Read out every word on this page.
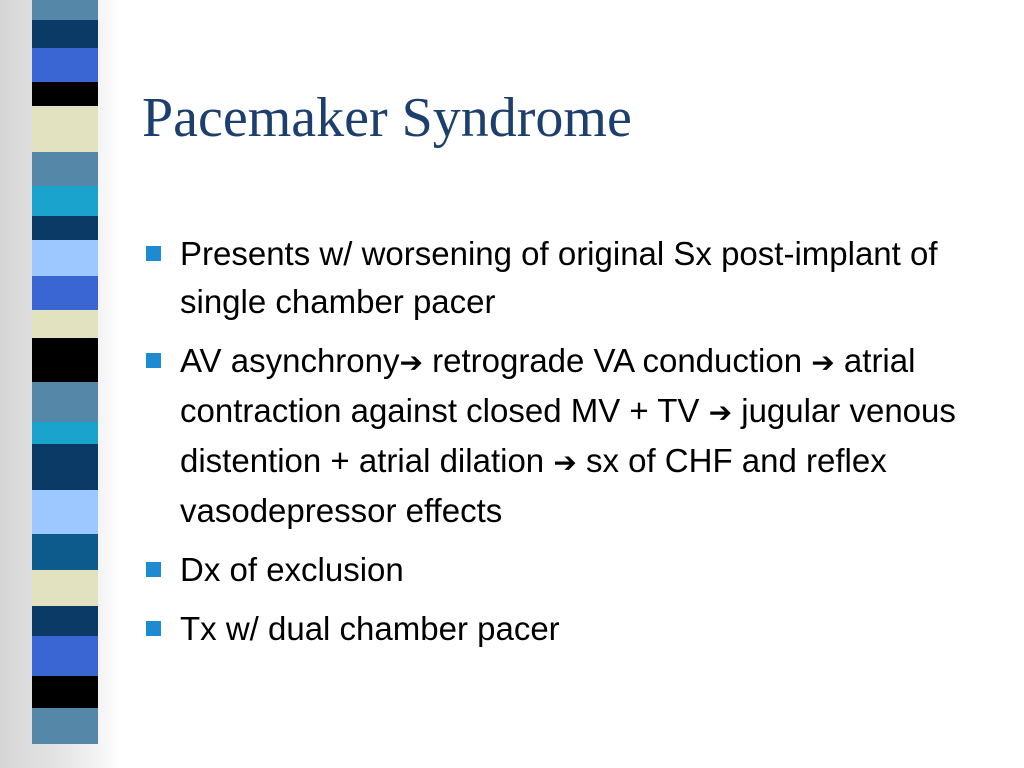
Pacemaker Syndrome
Presents w/ worsening of original Sx post-implant of single chamber pacer
AV asynchrony➔ retrograde VA conduction ➔ atrial contraction against closed MV + TV ➔ jugular venous distention + atrial dilation ➔ sx of CHF and reflex vasodepressor effects
Dx of exclusion
Tx w/ dual chamber pacer
